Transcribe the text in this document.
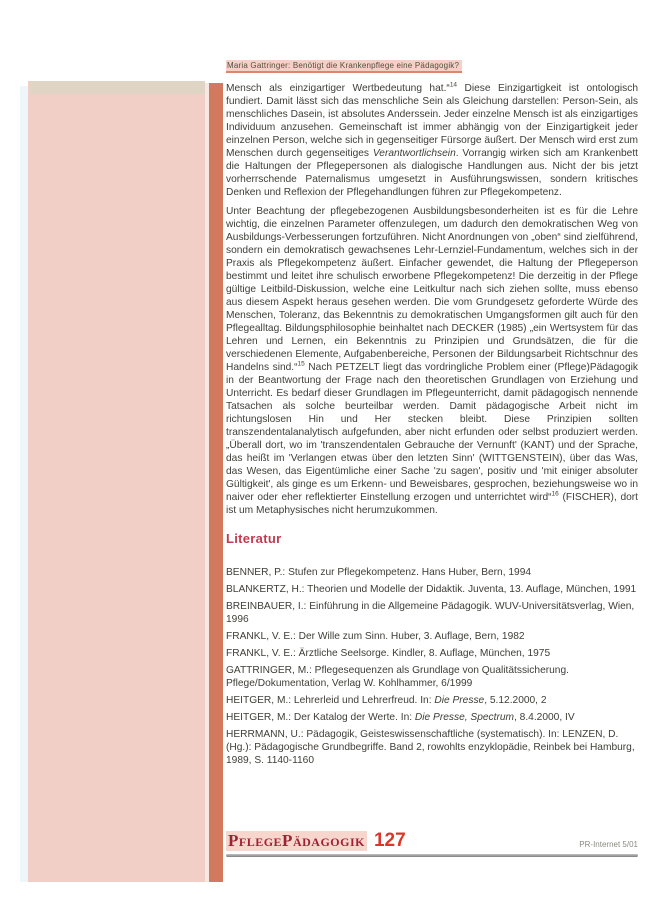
Maria Gattringer: Benötigt die Krankenpflege eine Pädagogik?

Mensch als einzigartiger Wertbedeutung hat.“$^{14}$ Diese Einzigartigkeit ist ontologisch fundiert. Damit lässt sich das menschliche Sein als Gleichung darstellen: Person-Sein, als menschliches Dasein, ist absolutes Anderssein. Jeder einzelne Mensch ist als einzigartiges Individuum anzusehen. Gemeinschaft ist immer abhängig von der Einzigartigkeit jeder einzelnen Person, welche sich in gegenseitiger Fürsorge äußert. Der Mensch wird erst zum Menschen durch gegenseitiges Verantwortlichsein. Vorrangig wirken sich am Krankenbett die Haltungen der Pflegepersonen als dialogische Handlungen aus. Nicht der bis jetzt vorherrschende Paternalismus umgesetzt in Ausführungswissen, sondern kritisches Denken und Reflexion der Pflegehandlungen führen zur Pflegekompetenz.

Unter Beachtung der pflegebezogenen Ausbildungsbesonderheiten ist es für die Lehre wichtig, die einzelnen Parameter offenzulegen, um dadurch den demokratischen Weg von Ausbildungs-Verbesserungen fortzuführen. Nicht Anordnungen von „oben“ sind zielführend, sondern ein demokratisch gewachsenes Lehr-Lernziel-Fundamentum, welches sich in der Praxis als Pflegekompetenz äußert. Einfacher gewendet, die Haltung der Pflegeperson bestimmt und leitet ihre schulisch erworbene Pflegekompetenz! Die derzeitig in der Pflege gültige Leitbild-Diskussion, welche eine Leitkultur nach sich ziehen sollte, muss ebenso aus diesem Aspekt heraus gesehen werden. Die vom Grundgesetz geforderte Würde des Menschen, Toleranz, das Bekenntnis zu demokratischen Umgangsformen gilt auch für den Pflegealltag. Bildungsphilosophie beinhaltet nach DECKER (1985) „ein Wertsystem für das Lehren und Lernen, ein Bekenntnis zu Prinzipien und Grundsätzen, die für die verschiedenen Elemente, Aufgabenbereiche, Personen der Bildungsarbeit Richtschnur des Handelns sind.“$^{15}$ Nach PETZELT liegt das vordringliche Problem einer (Pflege)Pädagogik in der Beantwortung der Frage nach den theoretischen Grundlagen von Erziehung und Unterricht. Es bedarf dieser Grundlagen im Pflegeunterricht, damit pädagogisch nennende Tatsachen als solche beurteilbar werden. Damit pädagogische Arbeit nicht im richtungslosen Hin und Her stecken bleibt. Diese Prinzipien sollten transzendentalanalytisch aufgefunden, aber nicht erfunden oder selbst produziert werden. „Überall dort, wo im 'transzendentalen Gebrauche der Vernunft' (KANT) und der Sprache, das heißt im 'Verlangen etwas über den letzten Sinn' (WITTGENSTEIN), über das Was, das Wesen, das Eigentümliche einer Sache 'zu sagen', positiv und 'mit einiger absoluter Gültigkeit', als ginge es um Erkenn- und Beweisbares, gesprochen, beziehungsweise wo in naiver oder eher reflektierter Einstellung erzogen und unterrichtet wird“$^{16}$ (FISCHER), dort ist um Metaphysisches nicht herumzukommen.

Literatur

BENNER, P.: Stufen zur Pflegekompetenz. Hans Huber, Bern, 1994

BLANKERTZ, H.: Theorien und Modelle der Didaktik. Juventa, 13. Auflage, München, 1991

BREINBAUER, I.: Einführung in die Allgemeine Pädagogik. WUV-Universitätsverlag, Wien, 1996

FRANKL, V. E.: Der Wille zum Sinn. Huber, 3. Auflage, Bern, 1982

FRANKL, V. E.: Ärztliche Seelsorge. Kindler, 8. Auflage, München, 1975

GATTRINGER, M.: Pflegesequenzen als Grundlage von Qualitätssicherung. Pflege/Dokumentation, Verlag W. Kohlhammer, 6/1999

HEITGER, M.: Lehrerleid und Lehrerfreud. In: Die Presse, 5.12.2000, 2

HEITGER, M.: Der Katalog der Werte. In: Die Presse, Spectrum, 8.4.2000, IV

HERRMANN, U.: Pädagogik, Geisteswissenschaftliche (systematisch). In: LENZEN, D. (Hg.): Pädagogische Grundbegriffe. Band 2, rowohlts enzyklopädie, Reinbek bei Hamburg, 1989, S. 1140-1160

PflegePädagogik 127	PR-Internet 5/01
